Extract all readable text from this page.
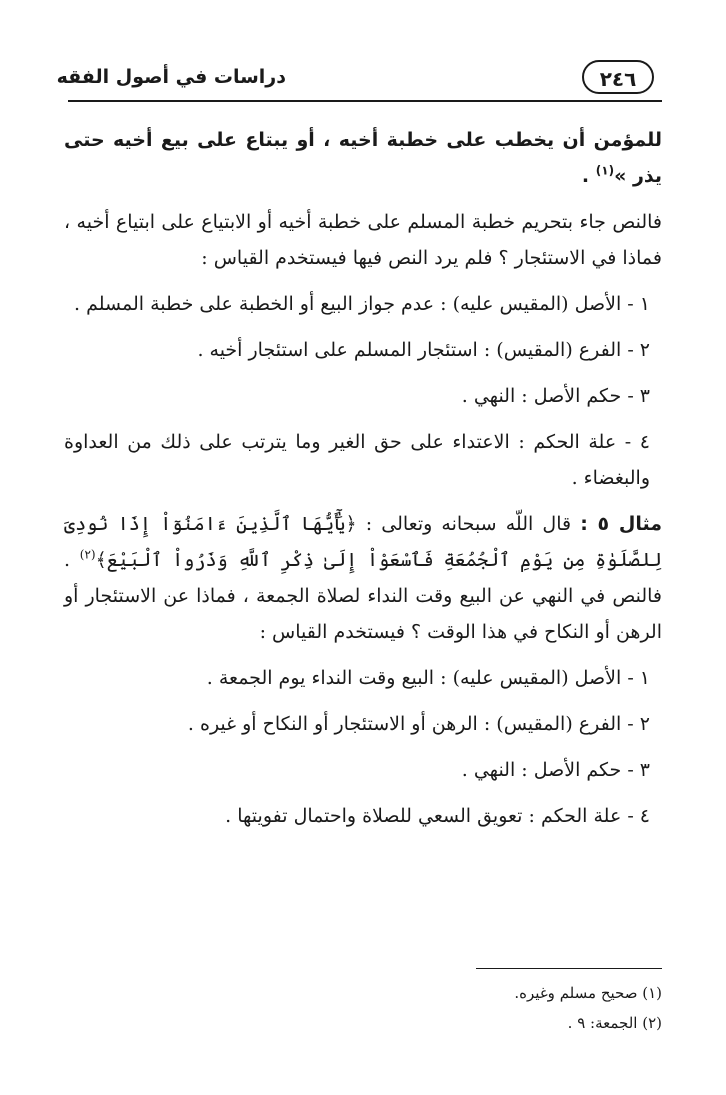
٢٤٦
دراسات في أصول الفقه

للمؤمن أن يخطب على خطبة أخيه ، أو يبتاع على بيع أخيه حتى يذر »$^{(١)}$ .

فالنص جاء بتحريم خطبة المسلم على خطبة أخيه أو الابتياع على ابتياع أخيه ، فماذا في الاستئجار ؟ فلم يرد النص فيها فيستخدم القياس :

١ - الأصل (المقيس عليه) : عدم جواز البيع أو الخطبة على خطبة المسلم .

٢ - الفرع (المقيس) : استئجار المسلم على استئجار أخيه .

٣ - حكم الأصل : النهي .

٤ - علة الحكم : الاعتداء على حق الغير وما يترتب على ذلك من العداوة والبغضاء .

مثال ٥ : قال اللّه سبحانه وتعالى : ﴿يَٰٓأَيُّهَا ٱلَّذِينَ ءَامَنُوٓاْ إِذَا نُودِىَ لِلصَّلَوٰةِ مِن يَوْمِ ٱلْجُمُعَةِ فَٱسْعَوْاْ إِلَىٰ ذِكْرِ ٱللَّهِ وَذَرُواْ ٱلْبَيْعَ﴾$^{(٢)}$ . فالنص في النهي عن البيع وقت النداء لصلاة الجمعة ، فماذا عن الاستئجار أو الرهن أو النكاح في هذا الوقت ؟ فيستخدم القياس :

١ - الأصل (المقيس عليه) : البيع وقت النداء يوم الجمعة .

٢ - الفرع (المقيس) : الرهن أو الاستئجار أو النكاح أو غيره .

٣ - حكم الأصل : النهي .

٤ - علة الحكم : تعويق السعي للصلاة واحتمال تفويتها .

(١) صحيح مسلم وغيره.
(٢) الجمعة: ٩ .
